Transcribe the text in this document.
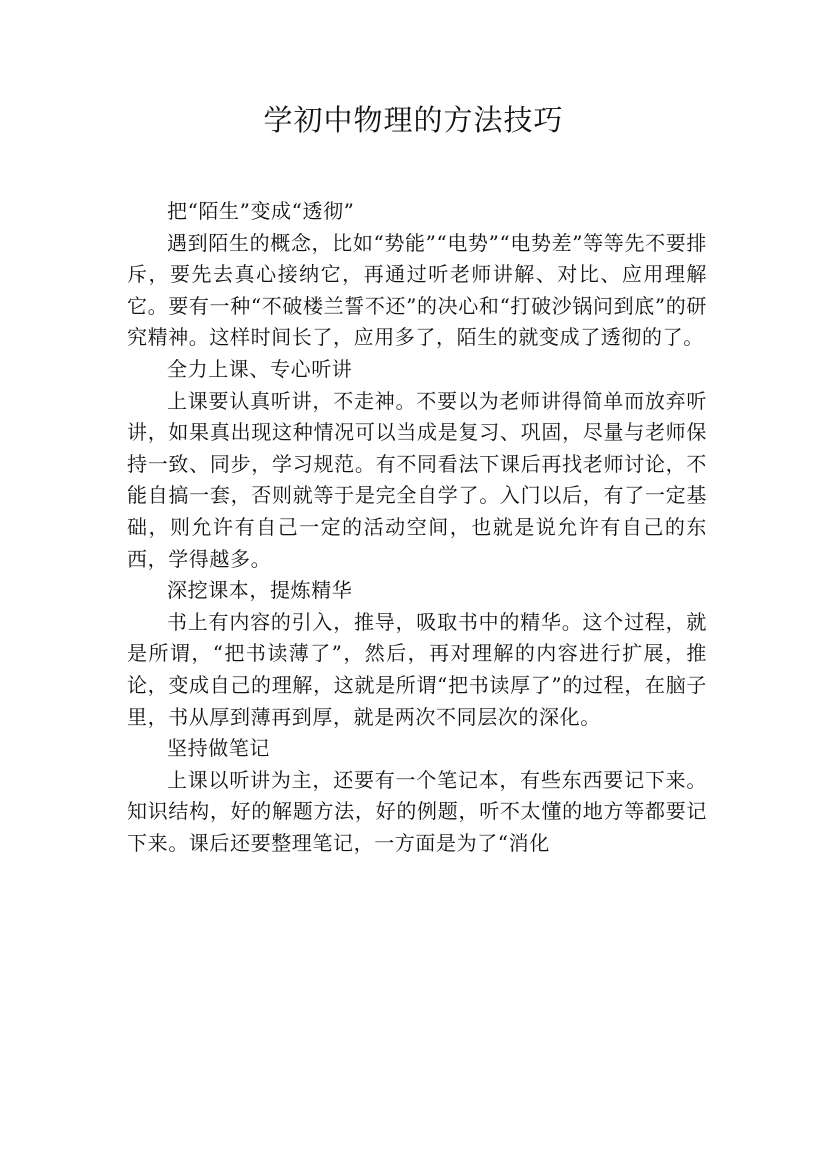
学初中物理的方法技巧

把“陌生”变成“透彻”

遇到陌生的概念，比如“势能”“电势”“电势差”等等先不要排斥，要先去真心接纳它，再通过听老师讲解、对比、应用理解它。要有一种“不破楼兰誓不还”的决心和“打破沙锅问到底”的研究精神。这样时间长了，应用多了，陌生的就变成了透彻的了。

全力上课、专心听讲

上课要认真听讲，不走神。不要以为老师讲得简单而放弃听讲，如果真出现这种情况可以当成是复习、巩固，尽量与老师保持一致、同步，学习规范。有不同看法下课后再找老师讨论，不能自搞一套，否则就等于是完全自学了。入门以后，有了一定基础，则允许有自己一定的活动空间，也就是说允许有自己的东西，学得越多。

深挖课本，提炼精华

书上有内容的引入，推导，吸取书中的精华。这个过程，就是所谓，“把书读薄了”，然后，再对理解的内容进行扩展，推论，变成自己的理解，这就是所谓“把书读厚了”的过程，在脑子里，书从厚到薄再到厚，就是两次不同层次的深化。

坚持做笔记

上课以听讲为主，还要有一个笔记本，有些东西要记下来。知识结构，好的解题方法，好的例题，听不太懂的地方等都要记下来。课后还要整理笔记，一方面是为了“消化
